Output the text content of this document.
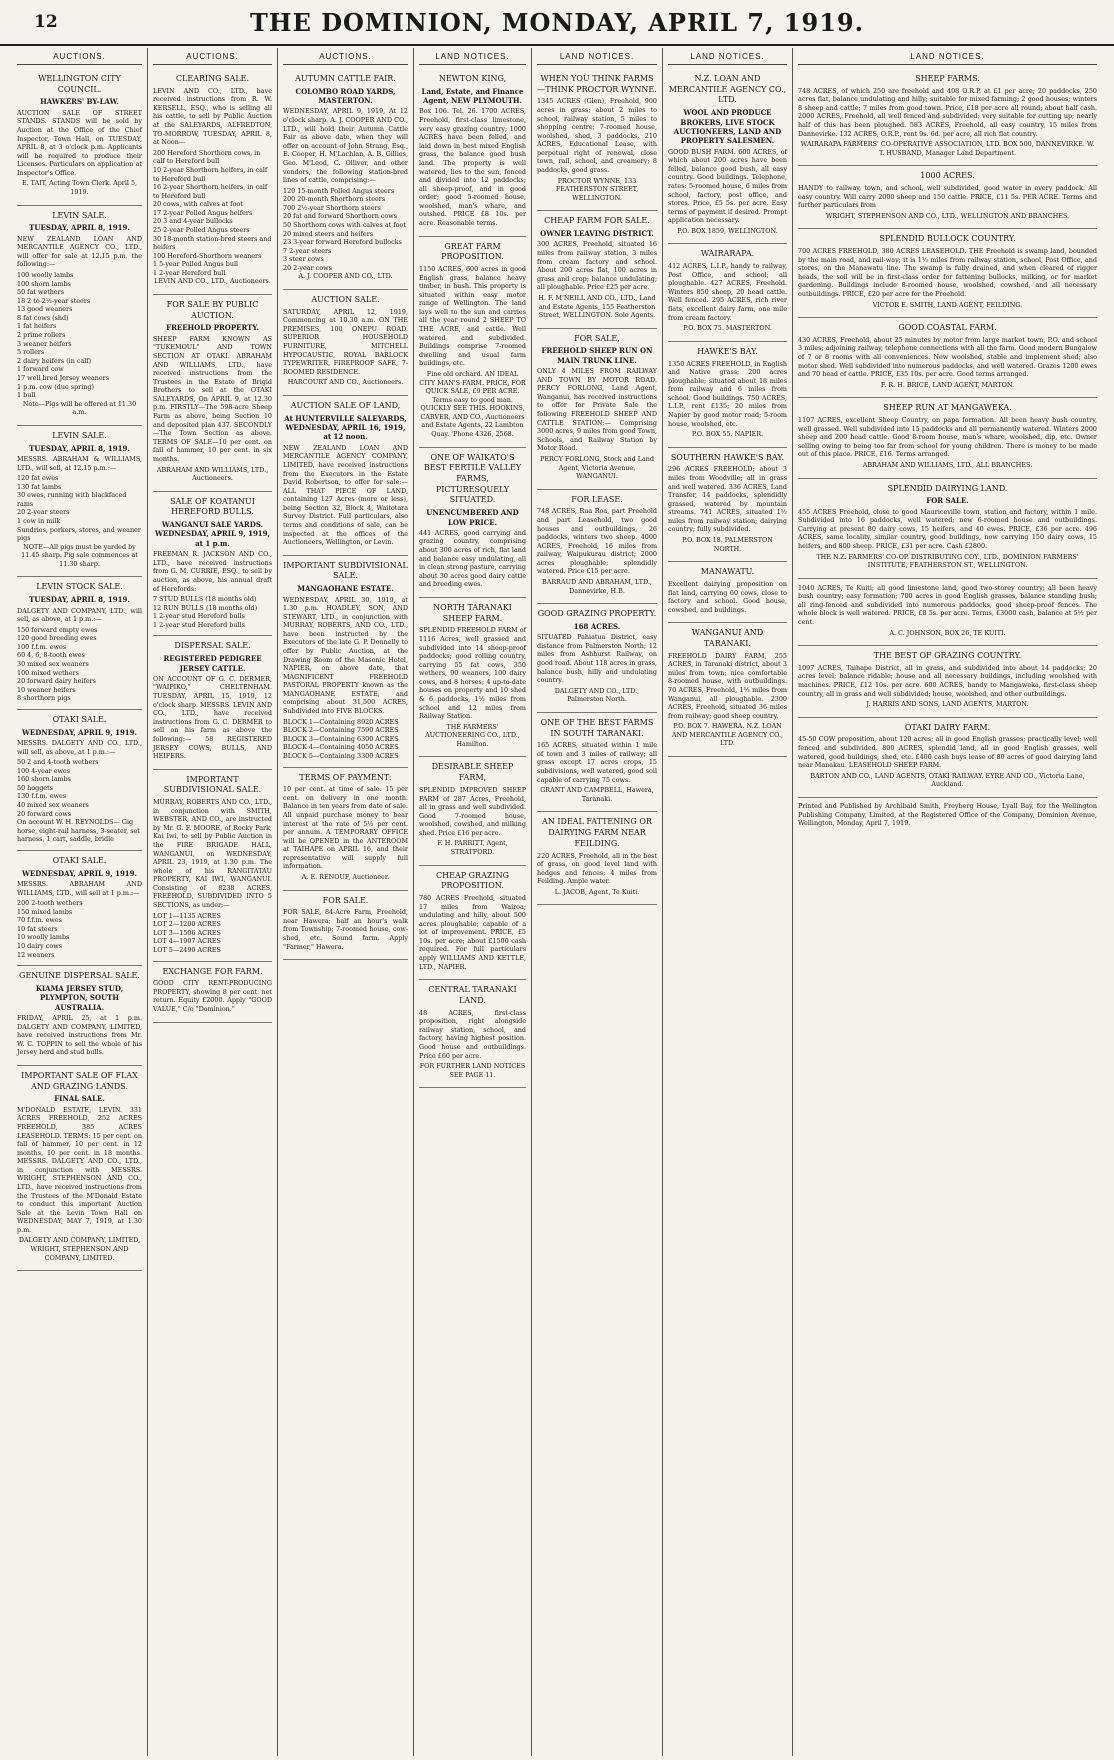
12	THE DOMINION, MONDAY, APRIL 7, 1919.
AUCTIONS.
WELLINGTON CITY COUNCIL.
HAWKERS' BY-LAW.

AUCTION SALE OF STREET STANDS. STANDS will be sold by Auction at the Office of the Chief Inspector, Town Hall, on TUESDAY, APRIL 8, at 3 o'clock p.m. Applicants will be required to produce their Licenses. Particulars on application at Inspector's Office.

E. TAIT, Acting Town Clerk. April 5, 1919.

LEVIN SALE.
TUESDAY, APRIL 8, 1919.

NEW ZEALAND LOAN AND MERCANTILE AGENCY CO., LTD., will offer for sale at 12.15 p.m. the following:—

100 woolly lambs
100 shorn lambs
50 fat wethers
18 2 to 2½-year steers
13 good weaners
8 fat cows (shd)
1 fat heifers
2 prime rollers
3 weaner heifers
5 rollers
2 dairy heifers (in calf)
1 forward cow
17 well bred Jersey weaners
1 p.m. cow (due spring)
1 bull

Note—Pigs will be offered at 11.30 a.m.

LEVIN SALE.
TUESDAY, APRIL 8, 1919.

MESSRS. ABRAHAM & WILLIAMS, LTD., will sell, at 12.15 p.m.:—

120 fat ewes
130 fat lambs
30 ewes, running with blackfaced rams
20 2-year steers
1 cow in milk
Sundries, porkers, stores, and weaner pigs

NOTE—All pigs must be yarded by 11.45 sharp. Pig sale commences at 11.30 sharp.

LEVIN STOCK SALE.
TUESDAY, APRIL 8, 1919.

DALGETY AND COMPANY, LTD., will sell, as above, at 1 p.m.:—

150 forward empty ewes
120 good breeding ewes
100 f.f.m. ewes
60 4, 6, 8-tooth ewes
30 mixed sex weaners
100 mixed wethers
20 forward dairy heifers
10 weaner heifers
8 shorthorn pigs
OTAKI SALE.
WEDNESDAY, APRIL 9, 1919.

MESSRS. DALGETY AND CO., LTD., will sell, as above, at 1 p.m.:—

50 2 and 4-tooth wethers
100 4-year ewes
160 shorn lambs
50 hoggets
130 f.f.m. ewes
40 mixed sex weaners
20 forward cows
On account W. H. REYNOLDS— Gig horse, eight-rail harness, 3-seater, set harness, 1 cart, saddle, bridle
OTAKI SALE.
WEDNESDAY, APRIL 9, 1919.

MESSRS. ABRAHAM AND WILLIAMS, LTD., will sell at 1 p.m.:—

200 2-tooth wethers
150 mixed lambs
70 f.f.m. ewes
10 fat steers
10 woolly lambs
10 dairy cows
12 weaners
GENUINE DISPERSAL SALE.
KIAMA JERSEY STUD, PLYMPTON, SOUTH AUSTRALIA.

FRIDAY, APRIL 25, at 1 p.m. DALGETY AND COMPANY, LIMITED, have received instructions from Mr. W. C. TOPPIN to sell the whole of his Jersey herd and stud bulls.

IMPORTANT SALE OF FLAX AND GRAZING LANDS.
FINAL SALE.

M'DONALD ESTATE, LEVIN. 331 ACRES FREEHOLD, 252 ACRES FREEHOLD, 385 ACRES LEASEHOLD. TERMS: 15 per cent. on fall of hammer, 10 per cent. in 12 months, 10 per cent. in 18 months. MESSRS. DALGETY AND CO., LTD., in conjunction with MESSRS. WRIGHT, STEPHENSON AND CO., LTD., have received instructions from the Trustees of the M'Donald Estate to conduct this important Auction Sale at the Levin Town Hall on WEDNESDAY, MAY 7, 1919, at 1.30 p.m.

DALGETY AND COMPANY, LIMITED, WRIGHT, STEPHENSON AND COMPANY, LIMITED.

AUCTIONS.
CLEARING SALE.

LEVIN AND CO., LTD., have received instructions from R. W. KERSELL, ESQ., who is selling all his cattle, to sell by Public Auction at the SALEYARDS, ALFREDTON, TO-MORROW, TUESDAY, APRIL 8, at Noon—

200 Hereford Shorthorn cows, in calf to Hereford bull
10 2-year Shorthorn heifers, in calf to Hereford bull
16 2-year Shorthorn heifers, in calf to Hereford bull
20 cows, with calves at foot
17 2-year Polled Angus heifers
20 3 and 4-year bullocks
25 2-year Polled Angus steers
30 18-month station-bred steers and heifers
100 Hereford-Shorthorn weaners
1 5-year Polled Angus bull
1 2-year Hereford bull

LEVIN AND CO., LTD., Auctioneers.

FOR SALE BY PUBLIC AUCTION.
FREEHOLD PROPERTY.

SHEEP FARM KNOWN AS "TUKEMOUL" AND TOWN SECTION AT OTAKI. ABRAHAM AND WILLIAMS, LTD., have received instructions from the Trustees in the Estate of Brigid Brothers to sell at the OTAKI SALEYARDS, On APRIL 9, at 12.30 p.m. FIRSTLY—The 598-acre Sheep Farm as above, being Section 10 and deposited plan 437. SECONDLY—The Town Section as above. TERMS OF SALE—10 per cent. on fall of hammer, 10 per cent. in six months.

ABRAHAM AND WILLIAMS, LTD., Auctioneers.

SALE OF KOATANUI HEREFORD BULLS.
WANGANUI SALE YARDS. WEDNESDAY, APRIL 9, 1919, at 1 p.m.

FREEMAN R. JACKSON AND CO., LTD., have received instructions from G. M. CURRIE, ESQ., to sell by auction, as above, his annual draft of Herefords:

7 STUD BULLS (18 months old)
12 RUN BULLS (18 months old)
1 2-year stud Hereford bulls
1 2-year stud Hereford bulls
DISPERSAL SALE.
REGISTERED PEDIGREE JERSEY CATTLE.

ON ACCOUNT OF G. C. DERMER, "WAIPIKO," CHELTENHAM. TUESDAY, APRIL 15, 1919, 12 o'clock sharp. MESSRS. LEVIN AND CO., LTD., have received instructions from G. C. DERMER to sell on his farm as above the following:— 58 REGISTERED JERSEY COWS, BULLS, AND HEIFERS.

IMPORTANT SUBDIVISIONAL SALE.

MURRAY, ROBERTS AND CO., LTD., in conjunction with SMITH, WEBSTER, AND CO., are instructed by Mr. G. F. MOORE, of Rocky Park, Kai Iwi, to sell by Public Auction in the FIRE BRIGADE HALL, WANGANUI, on WEDNESDAY, APRIL 23, 1919, at 1.30 p.m. The whole of his RANGITATAU PROPERTY, KAI IWI, WANGANUI. Consisting of 8238 ACRES, FREEHOLD, SUBDIVIDED INTO 5 SECTIONS, as under:—

LOT 1—1135 ACRES
LOT 2—1200 ACRES
LOT 3—1506 ACRES
LOT 4—1907 ACRES
LOT 5—2490 ACRES
EXCHANGE FOR FARM.

GOOD CITY RENT-PRODUCING PROPERTY, showing 8 per cent. net return. Equity £2000. Apply "GOOD VALUE," C/o "Dominion."

AUCTIONS.
AUTUMN CATTLE FAIR.
COLOMBO ROAD YARDS, MASTERTON.

WEDNESDAY, APRIL 9, 1919, At 12 o'clock sharp. A. J. COOPER AND CO., LTD., will hold their Autumn Cattle Fair as above date, when they will offer on account of John Strang, Esq., E. Cooper, H. M'Lachlan, A. B. Gillies, Geo. M'Leod, C. Olliver, and other vendors, the following station-bred lines of cattle, comprising:—

120 15-month Polled Angus steers
200 20-month Shorthorn steers
700 2½-year Shorthorn steers
20 fat and forward Shorthorn cows
50 Shorthorn cows with calves at foot
20 mixed steers and heifers
23 3-year forward Hereford bullocks
7 2-year steers
3 steer cows
20 2-year cows

A. J. COOPER AND CO., LTD.

AUCTION SALE.

SATURDAY, APRIL 12, 1919, Commencing at 10.30 a.m. ON THE PREMISES, 100 ONEPU ROAD. SUPERIOR HOUSEHOLD FURNITURE, MITCHELL HYPOCAUSTIC, ROYAL BARLOCK TYPEWRITER, FIREPROOF SAFE, 7-ROOMED RESIDENCE.

HARCOURT AND CO., Auctioneers.

AUCTION SALE OF LAND,
At HUNTERVILLE SALEYARDS, WEDNESDAY, APRIL 16, 1919, at 12 noon.

NEW ZEALAND LOAN AND MERCANTILE AGENCY COMPANY, LIMITED, have received instructions from the Executors in the Estate David Robertson, to offer for sale:— ALL THAT PIECE OF LAND, containing 127 Acres (more or less), being Section 32, Block 4, Waitotara Survey District. Full particulars, also terms and conditions of sale, can be inspected at the offices of the Auctioneers, Wellington, or Levin.

IMPORTANT SUBDIVISIONAL SALE.
MANGAOHANE ESTATE.

WEDNESDAY, APRIL 30, 1919, at 1.30 p.m. HOADLEY, SON, AND STEWART, LTD., in conjunction with MURRAY, ROBERTS, AND CO., LTD., have been instructed by the Executors of the late G. P. Donnelly to offer by Public Auction, at the Drawing Room of the Masonic Hotel, NAPIER, on above date, that MAGNIFICENT FREEHOLD PASTORAL PROPERTY known as the MANGAOHANE ESTATE, and comprising about 31,500 ACRES, Subdivided into FIVE BLOCKS.

BLOCK 1—Containing 8920 ACRES
BLOCK 2—Containing 7590 ACRES
BLOCK 3—Containing 6300 ACRES
BLOCK 4—Containing 4050 ACRES
BLOCK 5—Containing 3300 ACRES
TERMS OF PAYMENT:

10 per cent. at time of sale. 15 per cent. on delivery in one month. Balance in ten years from date of sale. All unpaid purchase money to bear interest at the rate of 5½ per cent. per annum. A TEMPORARY OFFICE will be OPENED in the ANTEROOM at TAIHAPE on APRIL 16, and their representative will supply full information.

A. E. RENOUF, Auctioneer.

FOR SALE.

FOR SALE, 84-Acre Farm, Freehold, near Hawera; half an hour's walk from Township; 7-roomed house, cow-shed, etc. Sound farm. Apply "Farmer," Hawera.

LAND NOTICES.
NEWTON KING,
Land, Estate, and Finance Agent, NEW PLYMOUTH.

Box 106. Tel. 26. 1700 ACRES, Freehold, first-class limestone, very easy grazing country; 1000 ACRES have been felled, and laid down in best mixed English grass, the balance good bush land. The property is well watered, lies to the sun, fenced and divided into 12 paddocks; all sheep-proof, and in good order; good 5-roomed house, woolshed, man's whare, and outshed. PRICE £8 10s. per acre. Reasonable terms.

GREAT FARM PROPOSITION.

1150 ACRES, 600 acres in good English grass, balance heavy timber, in bush. This property is situated within easy motor range of Wellington. The land lays well to the sun and carries all the year round 2 SHEEP TO THE ACRE, and cattle. Well watered and subdivided. Buildings comprise 7-roomed dwelling and usual farm buildings, etc.

Fine old orchard. AN IDEAL CITY MAN'S FARM. PRICE, FOR QUICK SALE, £9 PER ACRE. Terms easy to good man. QUICKLY SEE THIS. HOOKINS, CARVER, AND CO., Auctioneers and Estate Agents, 22 Lambton Quay. 'Phone 4326, 2568.

ONE OF WAIKATO'S BEST FERTILE VALLEY FARMS, PICTURESQUELY SITUATED.
UNENCUMBERED AND LOW PRICE.

441 ACRES, good carrying and grazing country, comprising about 300 acres of rich, flat land and balance easy undulating, all in clean strong pasture, carrying about 30 acres good dairy cattle and breeding ewes.

NORTH TARANAKI SHEEP FARM.

SPLENDID FREEHOLD FARM of 1116 Acres, well grassed and subdivided into 14 sheep-proof paddocks; good rolling country, carrying 55 fat cows, 350 wethers, 90 weaners, 100 dairy cows, and 8 horses; 4 up-to-date houses on property and 10 shed & 6 paddocks, 1½ miles from school and 12 miles from Railway Station.

THE FARMERS' AUCTIONEERING CO., LTD., Hamilton.

DESIRABLE SHEEP FARM,

SPLENDID IMPROVED SHEEP FARM of 287 Acres, Freehold, all in grass and well subdivided. Good 7-roomed house, woolshed, cowshed, and milking shed. Price £16 per acre.

F. H. PARRITT, Agent, STRATFORD.

CHEAP GRAZING PROPOSITION.

780 ACRES Freehold, situated 17 miles from Wairoa; undulating and hilly, about 500 acres ploughable; capable of a lot of improvement. PRICE, £5 10s. per acre; about £1500 cash required. For full particulars apply WILLIAMS AND KETTLE, LTD., NAPIER.

CENTRAL TARANAKI LAND.

48 ACRES, first-class proposition, right alongside railway station, school, and factory, having highest position. Good house and outbuildings. Price £60 per acre.

FOR FURTHER LAND NOTICES SEE PAGE 11.

LAND NOTICES.
WHEN YOU THINK FARMS—THINK PROCTOR WYNNE.

1345 ACRES (Glen), Freehold, 900 acres in grass; about 2 miles to school, railway station, 5 miles to shopping centre; 7-roomed house, woolshed, shed, 3 paddocks. 210 ACRES, Educational Lease, with perpetual right of renewal, close town, rail, school, and creamery; 8 paddocks, good grass.

PROCTOR WYNNE, 133 FEATHERSTON STREET, WELLINGTON.

CHEAP FARM FOR SALE.
OWNER LEAVING DISTRICT.

300 ACRES, Freehold, situated 16 miles from railway station, 3 miles from cream factory and school. About 200 acres flat, 100 acres in grass and crop; balance undulating; all ploughable. Price £25 per acre.

H. F. M'NEILL AND CO., LTD., Land and Estate Agents, 155 Featherston Street, WELLINGTON. Sole Agents.

FOR SALE,
FREEHOLD SHEEP RUN ON MAIN TRUNK LINE.

ONLY 4 MILES FROM RAILWAY AND TOWN BY MOTOR ROAD. PERCY FORLONG, Land Agent, Wanganui, has received instructions to offer for Private Sale the following FREEHOLD SHEEP AND CATTLE STATION:— Comprising 3000 acres, 9 miles from good Town, Schools, and Railway Station by Motor Road.

PERCY FORLONG, Stock and Land Agent, Victoria Avenue, WANGANUI.

FOR LEASE.

748 ACRES, Rua Roa, part Freehold and part Leasehold, two good houses and outbuildings, 26 paddocks, winters two sheep. 4000 ACRES, Freehold, 16 miles from railway, Waipukurau district; 2000 acres ploughable; splendidly watered. Price £15 per acre.

BARRAUD AND ABRAHAM, LTD., Dannevirke, H.B.

GOOD GRAZING PROPERTY.
168 ACRES.

SITUATED Pahiatua District, easy distance from Palmerston North; 12 miles from Ashhurst Railway, on good road. About 118 acres in grass, balance bush, hilly and undulating country.

DALGETY AND CO., LTD., Palmerston North.

ONE OF THE BEST FARMS IN SOUTH TARANAKI.

165 ACRES, situated within 1 mile of town and 3 miles of railway; all grass except 17 acres crops, 15 subdivisions, well watered, good soil capable of carrying 75 cows.

GRANT AND CAMPBELL, Hawera, Taranaki.

AN IDEAL FATTENING OR DAIRYING FARM NEAR FEILDING.

220 ACRES, Freehold, all in the best of grass, on good level land with hedges and fences; 4 miles from Feilding. Ample water.

L. JACOB, Agent, Te Kuiti.

LAND NOTICES.
N.Z. LOAN AND MERCANTILE AGENCY CO., LTD.
WOOL AND PRODUCE BROKERS, LIVE STOCK AUCTIONEERS, LAND AND PROPERTY SALESMEN.

GOOD BUSH FARM. 600 ACRES, of which about 200 acres have been felled, balance good bush, all easy country. Good buildings. Telephone, rates: 5-roomed house, 6 miles from school, factory, post office, and stores. Price, £5 5s. per acre. Easy terms of payment if desired. Prompt application necessary.

P.O. BOX 1859, WELLINGTON.

WAIRARAPA.

412 ACRES, L.I.P., handy to railway, Post Office, and school; all ploughable. 427 ACRES, Freehold. Winters 850 sheep, 20 head cattle. Well fenced. 295 ACRES, rich river flats, excellent dairy farm, one mile from cream factory.

P.O. BOX 75. MASTERTON.

HAWKE'S BAY.

1350 ACRES FREEHOLD, in English and Native grass; 200 acres ploughable; situated about 18 miles from railway and 6 miles from school. Good buildings. 750 ACRES, L.I.P., rent £135; 20 miles from Napier by good motor road; 5-room house, woolshed, etc.

P.O. BOX 55. NAPIER.

SOUTHERN HAWKE'S BAY.

296 ACRES FREEHOLD; about 3 miles from Woodville; all in grass and well watered. 336 ACRES, Land Transfer, 14 paddocks, splendidly grassed, watered by mountain streams. 741 ACRES, situated 1½ miles from railway station; dairying country; fully subdivided.

P.O. BOX 18. PALMERSTON NORTH.

MANAWATU.

Excellent dairying proposition on flat land, carrying 60 cows, close to factory and school. Good house, cowshed, and buildings.

WANGANUI AND TARANAKI.

FREEHOLD DAIRY FARM, 255 ACRES, in Taranaki district, about 3 miles from town; nice comfortable 8-roomed house, with outbuildings. 70 ACRES, Freehold, 1½ miles from Wanganui, all ploughable. 2300 ACRES, Freehold, situated 36 miles from railway; good sheep country.

P.O. BOX 7. HAWERA. N.Z. LOAN AND MERCANTILE AGENCY CO., LTD.

LAND NOTICES.
SHEEP FARMS.

748 ACRES, of which 250 are freehold and 408 O.R.P. at £1 per acre; 20 paddocks, 250 acres flat, balance undulating and hilly; suitable for mixed farming; 2 good houses; winters 8 sheep and cattle; 7 miles from good town. Price, £18 per acre all round; about half cash. 2000 ACRES, Freehold, all well fenced and subdivided; very suitable for cutting up; nearly half of this has been ploughed. 583 ACRES, Freehold, all easy country, 15 miles from Dannevirke. 132 ACRES, O.R.P., rent 9s. 6d. per acre, all rich flat country.

WAIRARAPA FARMERS' CO-OPERATIVE ASSOCIATION, LTD. BOX 500, DANNEVIRKE. W. T. HUSBAND, Manager Land Department.

1000 ACRES.

HANDY to railway, town, and school, well subdivided, good water in every paddock. All easy country. Will carry 2000 sheep and 150 cattle. PRICE, £11 5s. PER ACRE. Terms and further particulars from

WRIGHT, STEPHENSON AND CO., LTD., WELLINGTON AND BRANCHES.

SPLENDID BULLOCK COUNTRY.

700 ACRES FREEHOLD, 380 ACRES LEASEHOLD. THE Freehold is swamp land, bounded by the main road, and rail-way; it is 1½ miles from railway station, school, Post Office, and stores, on the Manawatu line. The swamp is fully drained, and when cleared of rigger heads, the soil will be in first-class order for fattening bullocks, milking, or for market gardening. Buildings include 8-roomed house, woolshed, cowshed, and all necessary outbuildings. PRICE, £20 per acre for the Freehold.

VICTOR E. SMITH, LAND AGENT, FEILDING.

GOOD COASTAL FARM.

430 ACRES, Freehold, about 25 minutes by motor from large market town, P.O. and school 3 miles; adjoining railway, telephone connections with all the farm. Good modern Bungalow of 7 or 8 rooms with all conveniences. New woolshed, stable and implement shed; also motor shed. Well subdivided into numerous paddocks, and well watered. Grazes 1200 ewes and 70 head of cattle. PRICE, £35 10s. per acre. Good terms arranged.

F. R. H. BRICE, LAND AGENT, MARTON.

SHEEP RUN AT MANGAWEKA.

1107 ACRES, excellent Sheep Country, on papa formation. All been heavy bush country, well grassed. Well subdivided into 15 paddocks and all permanently watered. Winters 2000 sheep and 200 head cattle. Good 8-room house, man's whare, woolshed, dip, etc. Owner selling owing to being too far from school for young children. There is money to be made out of this place. PRICE, £16. Terms arranged.

ABRAHAM AND WILLIAMS, LTD., ALL BRANCHES.

SPLENDID DAIRYING LAND.
FOR SALE.

455 ACRES Freehold, close to good Mauriceville town, station and factory, within 1 mile. Subdivided into 16 paddocks, well watered; new 6-roomed house and outbuildings. Carrying at present 80 dairy cows, 15 heifers, and 40 ewes. PRICE, £36 per acre. 496 ACRES, same locality, similar country, good buildings, now carrying 150 dairy cows, 15 heifers, and 800 sheep. PRICE, £31 per acre. Cash £2800.

THE N.Z. FARMERS' CO-OP. DISTRIBUTING COY., LTD., DOMINION FARMERS' INSTITUTE, FEATHERSTON ST., WELLINGTON.

1040 ACRES, Te Kuiti; all good limestone land, good two-storey country; all been heavy bush country; easy formation; 700 acres in good English grasses, balance standing bush; all ring-fenced and subdivided into numerous paddocks, good sheep-proof fences. The whole block is well watered. PRICE, £8 5s. per acre. Terms, £3000 cash, balance at 5½ per cent.

A. C. JOHNSON, BOX 26, TE KUITI.

THE BEST OF GRAZING COUNTRY.

1097 ACRES, Taihape District, all in grass, and subdivided into about 14 paddocks; 20 acres level; balance ridable; house and all necessary buildings, including woolshed with machines. PRICE, £12 10s. per acre. 600 ACRES, handy to Mangaweka, first-class sheep country, all in grass and well subdivided; house, woolshed, and other outbuildings.

J. HARRIS AND SONS, LAND AGENTS, MARTON.

OTAKI DAIRY FARM.

45-50 COW proposition, about 120 acres; all in good English grasses; practically level; well fenced and subdivided. 800 ACRES, splendid land, all in good English grasses, well watered, good buildings, shed, etc. £400 cash buys lease of 80 acres of good dairying land near Manakau. LEASEHOLD SHEEP FARM.

BARTON AND CO., LAND AGENTS, OTAKI RAILWAY. EYRE AND CO., Victoria Lane, Auckland.

Printed and Published by Archibald Smith, Freyberg House, Lyall Bay, for the Wellington Publishing Company, Limited, at the Registered Office of the Company, Dominion Avenue, Wellington, Monday, April 7, 1919.
